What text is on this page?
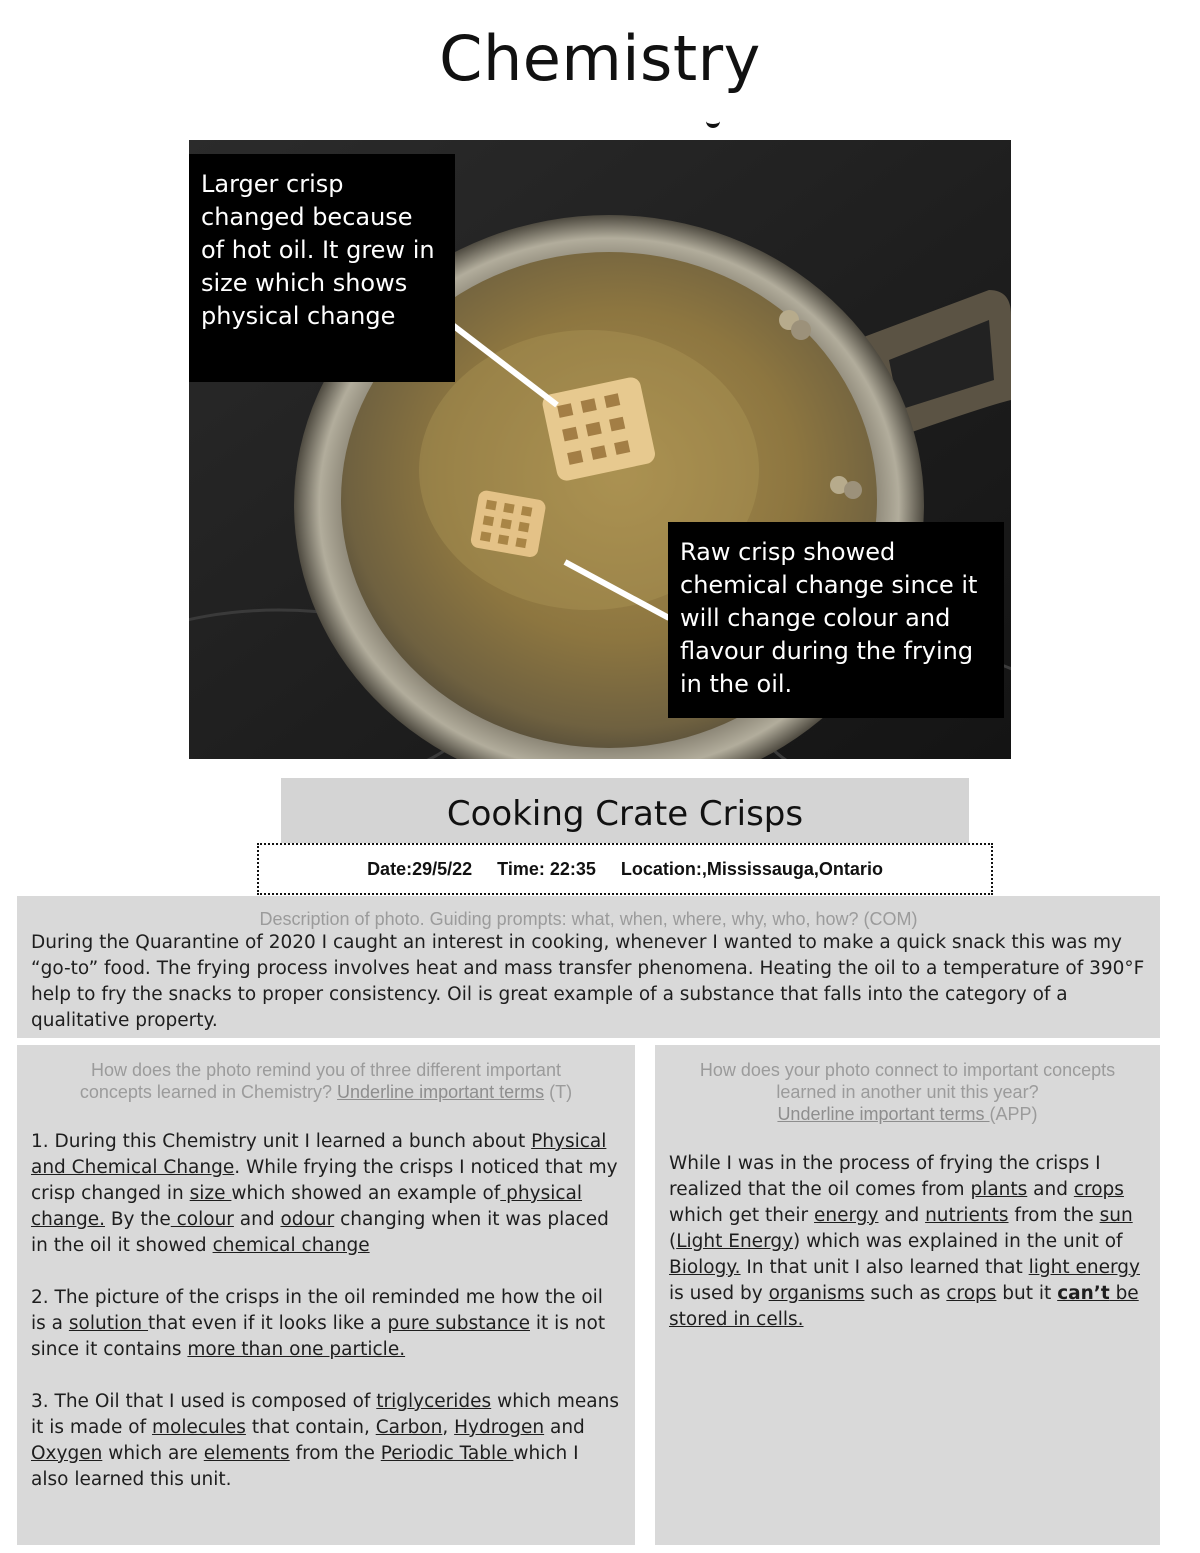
Chemistry
Larger crisp changed because of hot oil. It grew in size which shows physical change
Raw crisp showed chemical change since it will change colour and flavour during the frying in the oil.
Cooking Crate Crisps
Date:29/5/22 Time: 22:35 Location:,Mississauga,Ontario
Description of photo. Guiding prompts: what, when, where, why, who, how? (COM)
During the Quarantine of 2020 I caught an interest in cooking, whenever I wanted to make a quick snack this was my “go-to” food. The frying process involves heat and mass transfer phenomena. Heating the oil to a temperature of 390°F help to fry the snacks to proper consistency. Oil is great example of a substance that falls into the category of a qualitative property.
How does the photo remind you of three different important concepts learned in Chemistry? Underline important terms (T)

1. During this Chemistry unit I learned a bunch about Physical and Chemical Change. While frying the crisps I noticed that my crisp changed in size which showed an example of physical change. By the colour and odour changing when it was placed in the oil it showed chemical change

2. The picture of the crisps in the oil reminded me how the oil is a solution that even if it looks like a pure substance it is not since it contains more than one particle.

3. The Oil that I used is composed of triglycerides which means it is made of molecules that contain, Carbon, Hydrogen and Oxygen which are elements from the Periodic Table which I also learned this unit.

How does your photo connect to important concepts learned in another unit this year?
Underline important terms (APP)

While I was in the process of frying the crisps I realized that the oil comes from plants and crops which get their energy and nutrients from the sun (Light Energy) which was explained in the unit of Biology. In that unit I also learned that light energy is used by organisms such as crops but it can’t be stored in cells.
